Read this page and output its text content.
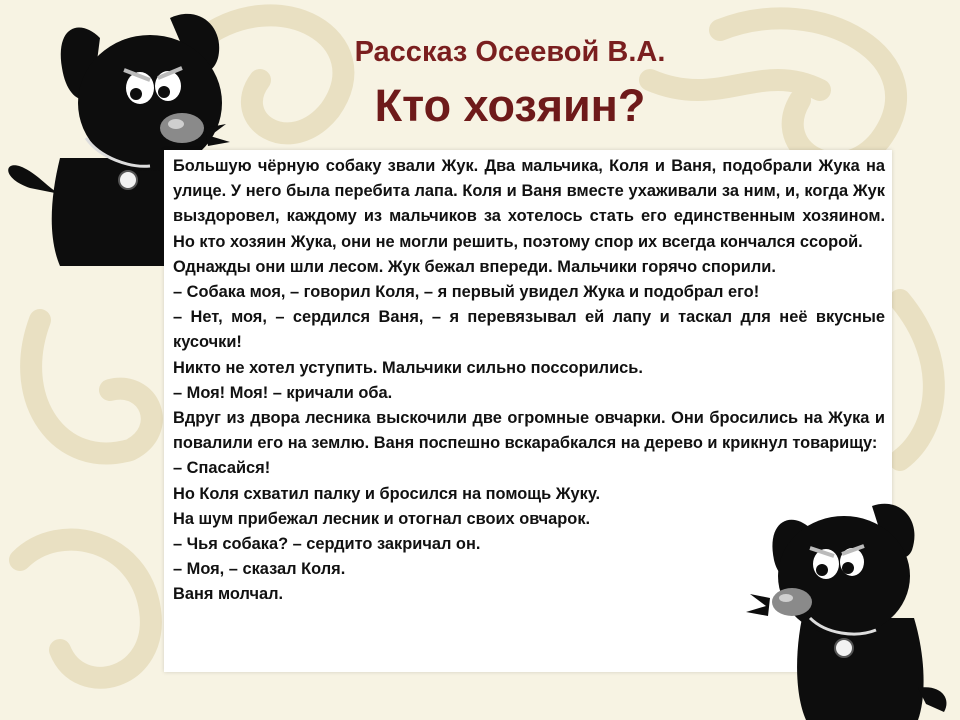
Рассказ Осеевой В.А.
Кто хозяин?

Большую чёрную собаку звали Жук. Два мальчика, Коля и Ваня, подобрали Жука на улице. У него была перебита лапа. Коля и Ваня вместе ухаживали за ним, и, когда Жук выздоровел, каждому из мальчиков за хотелось стать его единственным хозяином. Но кто хозяин Жука, они не могли решить, поэтому спор их всегда кончался ссорой.

Однажды они шли лесом. Жук бежал впереди. Мальчики горячо спорили.

– Собака моя, – говорил Коля, – я первый увидел Жука и подобрал его!

– Нет, моя, – сердился Ваня, – я перевязывал ей лапу и таскал для неё вкусные кусочки!

Никто не хотел уступить. Мальчики сильно поссорились.

– Моя! Моя! – кричали оба.

Вдруг из двора лесника выскочили две огромные овчарки. Они бросились на Жука и повалили его на землю. Ваня поспешно вскарабкался на дерево и крикнул товарищу:

– Спасайся!

Но Коля схватил палку и бросился на помощь Жуку.

На шум прибежал лесник и отогнал своих овчарок.

– Чья собака? – сердито закричал он.

– Моя, – сказал Коля.

Ваня молчал.
